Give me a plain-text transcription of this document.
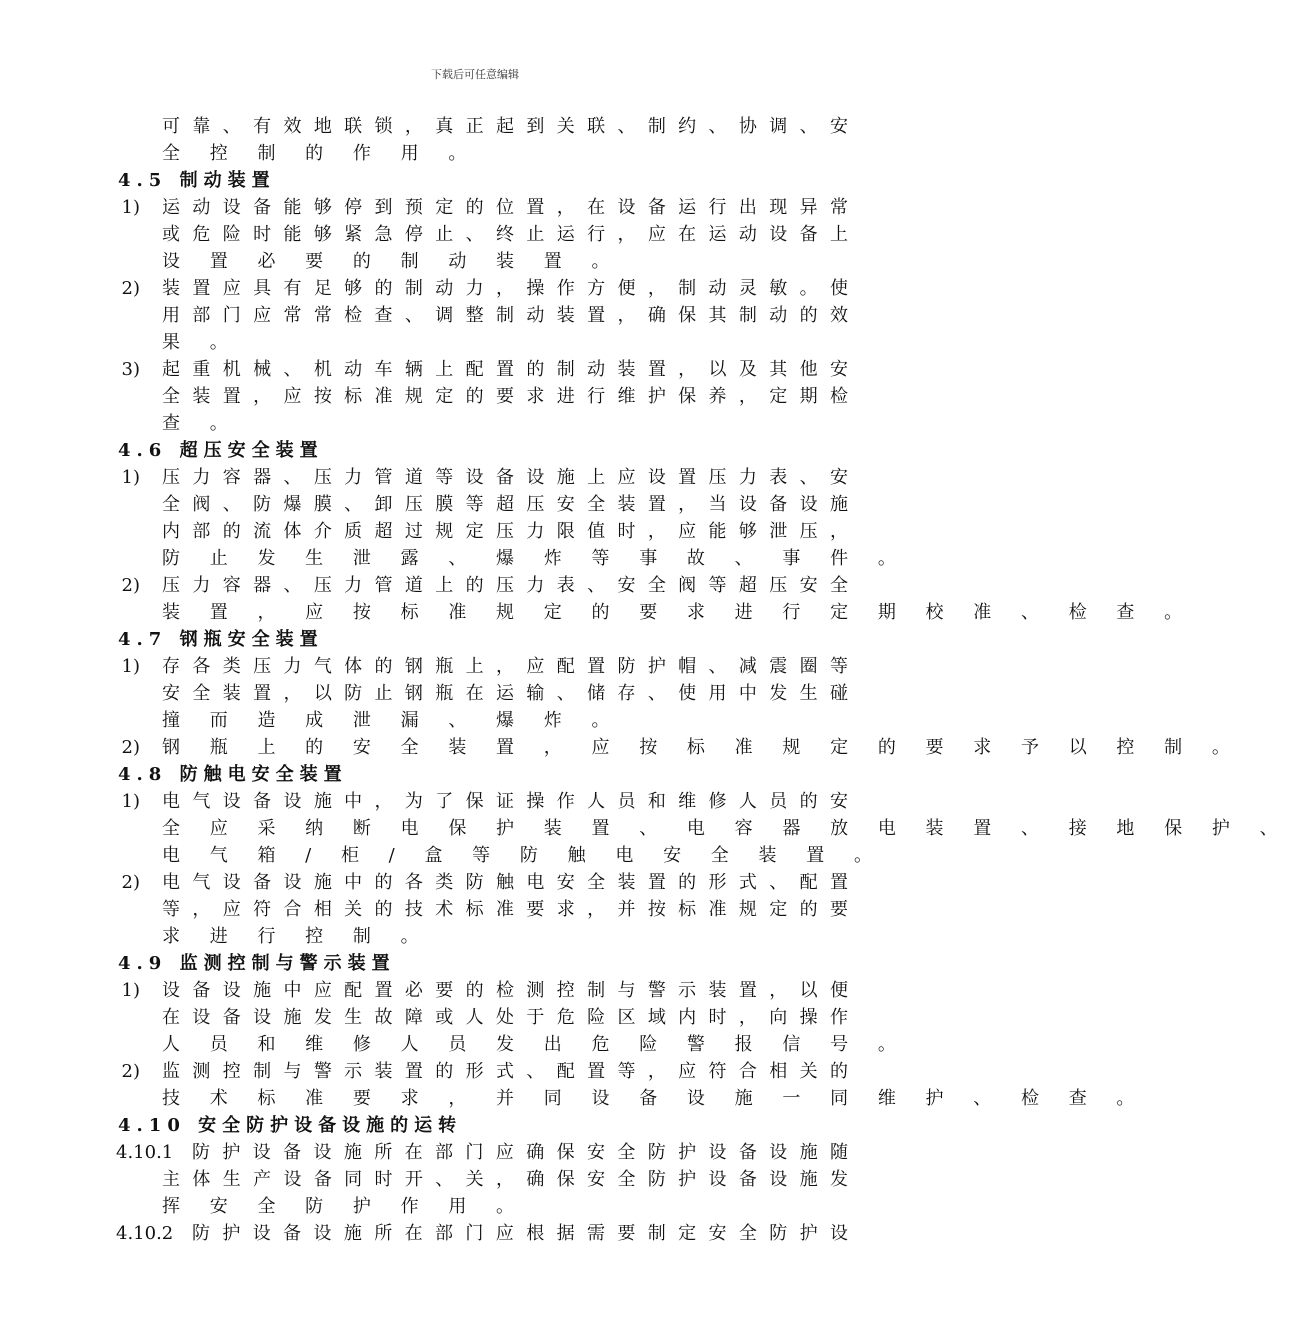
下载后可任意编辑
可 靠 、 有 效 地 联 锁 ， 真 正 起 到 关 联 、 制 约 、 协 调 、 安
全 控 制 的 作 用 。
4.5 制动装置
1) 运 动 设 备 能 够 停 到 预 定 的 位 置 ， 在 设 备 运 行 出 现 异 常
或 危 险 时 能 够 紧 急 停 止 、 终 止 运 行 ， 应 在 运 动 设 备 上
设 置 必 要 的 制 动 装 置 。
2) 装 置 应 具 有 足 够 的 制 动 力 ， 操 作 方 便 ， 制 动 灵 敏 。 使
用 部 门 应 常 常 检 查 、 调 整 制 动 装 置 ， 确 保 其 制 动 的 效
果 。
3) 起 重 机 械 、 机 动 车 辆 上 配 置 的 制 动 装 置 ， 以 及 其 他 安
全 装 置 ， 应 按 标 准 规 定 的 要 求 进 行 维 护 保 养 ， 定 期 检
查 。
4.6 超压安全装置
1) 压 力 容 器 、 压 力 管 道 等 设 备 设 施 上 应 设 置 压 力 表 、 安
全 阀 、 防 爆 膜 、 卸 压 膜 等 超 压 安 全 装 置 ， 当 设 备 设 施
内 部 的 流 体 介 质 超 过 规 定 压 力 限 值 时 ， 应 能 够 泄 压 ，
防 止 发 生 泄 露 、 爆 炸 等 事 故 、 事 件 。
2) 压 力 容 器 、 压 力 管 道 上 的 压 力 表 、 安 全 阀 等 超 压 安 全
装 置 ， 应 按 标 准 规 定 的 要 求 进 行 定 期 校 准 、 检 查 。
4.7 钢瓶安全装置
1) 存 各 类 压 力 气 体 的 钢 瓶 上 ， 应 配 置 防 护 帽 、 减 震 圈 等
安 全 装 置 ， 以 防 止 钢 瓶 在 运 输 、 储 存 、 使 用 中 发 生 碰
撞 而 造 成 泄 漏 、 爆 炸 。
2) 钢 瓶 上 的 安 全 装 置 ， 应 按 标 准 规 定 的 要 求 予 以 控 制 。
4.8 防触电安全装置
1) 电 气 设 备 设 施 中 ， 为 了 保 证 操 作 人 员 和 维 修 人 员 的 安
全 应 采 纳 断 电 保 护 装 置 、 电 容 器 放 电 装 置 、 接 地 保 护 、
电 气 箱 / 柜 / 盒 等 防 触 电 安 全 装 置 。
2) 电 气 设 备 设 施 中 的 各 类 防 触 电 安 全 装 置 的 形 式 、 配 置
等 ， 应 符 合 相 关 的 技 术 标 准 要 求 ， 并 按 标 准 规 定 的 要
求 进 行 控 制 。
4.9 监测控制与警示装置
1) 设 备 设 施 中 应 配 置 必 要 的 检 测 控 制 与 警 示 装 置 ， 以 便
在 设 备 设 施 发 生 故 障 或 人 处 于 危 险 区 域 内 时 ， 向 操 作
人 员 和 维 修 人 员 发 出 危 险 警 报 信 号 。
2) 监 测 控 制 与 警 示 装 置 的 形 式 、 配 置 等 ， 应 符 合 相 关 的
技 术 标 准 要 求 ， 并 同 设 备 设 施 一 同 维 护 、 检 查 。
4.10 安全防护设备设施的运转
4.10.1 防 护 设 备 设 施 所 在 部 门 应 确 保 安 全 防 护 设 备 设 施 随
主 体 生 产 设 备 同 时 开 、 关 ， 确 保 安 全 防 护 设 备 设 施 发
挥 安 全 防 护 作 用 。
4.10.2 防 护 设 备 设 施 所 在 部 门 应 根 据 需 要 制 定 安 全 防 护 设
